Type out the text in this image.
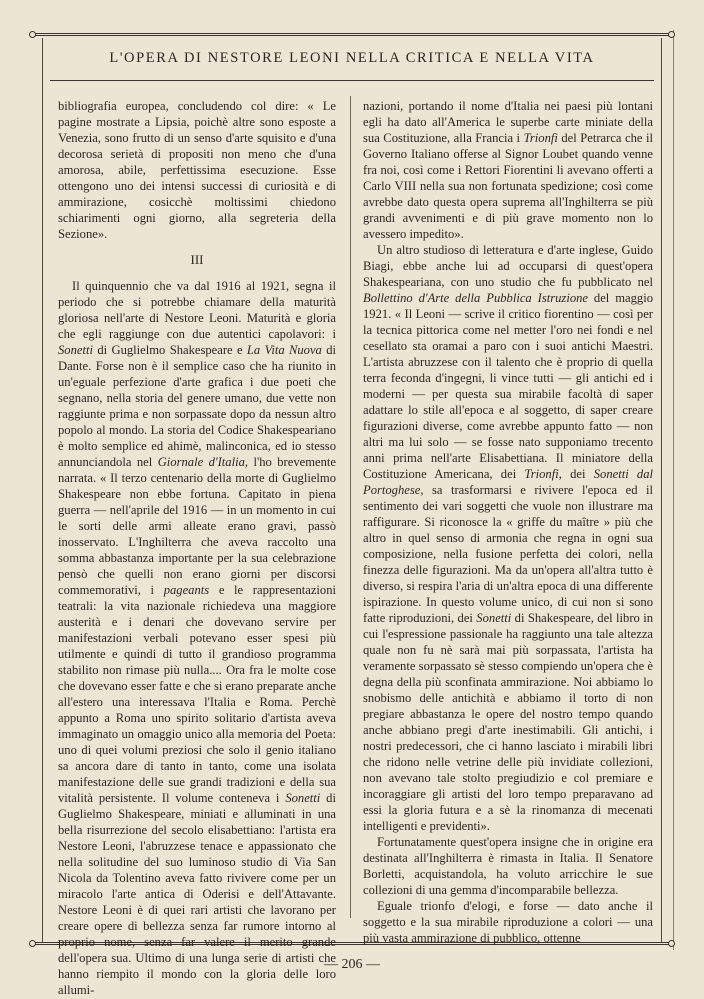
L'OPERA DI NESTORE LEONI NELLA CRITICA E NELLA VITA

bibliografia europea, concludendo col dire: « Le pagine mostrate a Lipsia, poichè altre sono esposte a Venezia, sono frutto di un senso d'arte squisito e d'una decorosa serietà di propositi non meno che d'una amorosa, abile, perfettissima esecuzione. Esse ottengono uno dei intensi successi di curiosità e di ammirazione, cosicchè moltissimi chiedono schiarimenti ogni giorno, alla segreteria della Sezione».

III

Il quinquennio che va dal 1916 al 1921, segna il periodo che si potrebbe chiamare della maturità gloriosa nell'arte di Nestore Leoni. Maturità e gloria che egli raggiunge con due autentici capolavori: i Sonetti di Guglielmo Shakespeare e La Vita Nuova di Dante. Forse non è il semplice caso che ha riunito in un'eguale perfezione d'arte grafica i due poeti che segnano, nella storia del genere umano, due vette non raggiunte prima e non sorpassate dopo da nessun altro popolo al mondo. La storia del Codice Shakespeariano è molto semplice ed ahimè, malinconica, ed io stesso annunciandola nel Giornale d'Italia, l'ho brevemente narrata. « Il terzo centenario della morte di Guglielmo Shakespeare non ebbe fortuna. Capitato in piena guerra — nell'aprile del 1916 — in un momento in cui le sorti delle armi alleate erano gravi, passò inosservato. L'Inghilterra che aveva raccolto una somma abbastanza importante per la sua celebrazione pensò che quelli non erano giorni per discorsi commemorativi, i pageants e le rappresentazioni teatrali: la vita nazionale richiedeva una maggiore austerità e i denari che dovevano servire per manifestazioni verbali potevano esser spesi più utilmente e quindi di tutto il grandioso programma stabilito non rimase più nulla.... Ora fra le molte cose che dovevano esser fatte e che si erano preparate anche all'estero una interessava l'Italia e Roma. Perchè appunto a Roma uno spirito solitario d'artista aveva immaginato un omaggio unico alla memoria del Poeta: uno di quei volumi preziosi che solo il genio italiano sa ancora dare di tanto in tanto, come una isolata manifestazione delle sue grandi tradizioni e della sua vitalità persistente. Il volume conteneva i Sonetti di Guglielmo Shakespeare, miniati e alluminati in una bella risurrezione del secolo elisabettiano: l'artista era Nestore Leoni, l'abruzzese tenace e appassionato che nella solitudine del suo luminoso studio di Via San Nicola da Tolentino aveva fatto rivivere come per un miracolo l'arte antica di Oderisi e dell'Attavante. Nestore Leoni è di quei rari artisti che lavorano per creare opere di bellezza senza far rumore intorno al proprio nome, senza far valere il merito grande dell'opera sua. Ultimo di una lunga serie di artisti che hanno riempito il mondo con la gloria delle loro allumi-

nazioni, portando il nome d'Italia nei paesi più lontani egli ha dato all'America le superbe carte miniate della sua Costituzione, alla Francia i Trionfi del Petrarca che il Governo Italiano offerse al Signor Loubet quando venne fra noi, così come i Rettori Fiorentini li avevano offerti a Carlo VIII nella sua non fortunata spedizione; così come avrebbe dato questa opera suprema all'Inghilterra se più grandi avvenimenti e di più grave momento non lo avessero impedito».

Un altro studioso di letteratura e d'arte inglese, Guido Biagi, ebbe anche lui ad occuparsi di quest'opera Shakespeariana, con uno studio che fu pubblicato nel Bollettino d'Arte della Pubblica Istruzione del maggio 1921. « Il Leoni — scrive il critico fiorentino — così per la tecnica pittorica come nel metter l'oro nei fondi e nel cesellato sta oramai a paro con i suoi antichi Maestri. L'artista abruzzese con il talento che è proprio di quella terra feconda d'ingegni, li vince tutti — gli antichi ed i moderni — per questa sua mirabile facoltà di saper adattare lo stile all'epoca e al soggetto, di saper creare figurazioni diverse, come avrebbe appunto fatto — non altri ma lui solo — se fosse nato supponiamo trecento anni prima nell'arte Elisabettiana. Il miniatore della Costituzione Americana, dei Trionfi, dei Sonetti dal Portoghese, sa trasformarsi e rivivere l'epoca ed il sentimento dei vari soggetti che vuole non illustrare ma raffigurare. Si riconosce la « griffe du maître » più che altro in quel senso di armonia che regna in ogni sua composizione, nella fusione perfetta dei colori, nella finezza delle figurazioni. Ma da un'opera all'altra tutto è diverso, si respira l'aria di un'altra epoca di una differente ispirazione. In questo volume unico, di cui non si sono fatte riproduzioni, dei Sonetti di Shakespeare, del libro in cui l'espressione passionale ha raggiunto una tale altezza quale non fu nè sarà mai più sorpassata, l'artista ha veramente sorpassato sè stesso compiendo un'opera che è degna della più sconfinata ammirazione. Noi abbiamo lo snobismo delle antichità e abbiamo il torto di non pregiare abbastanza le opere del nostro tempo quando anche abbiano pregi d'arte inestimabili. Gli antichi, i nostri predecessori, che ci hanno lasciato i mirabili libri che ridono nelle vetrine delle più invidiate collezioni, non avevano tale stolto pregiudizio e col premiare e incoraggiare gli artisti del loro tempo preparavano ad essi la gloria futura e a sè la rinomanza di mecenati intelligenti e previdenti».

Fortunatamente quest'opera insigne che in origine era destinata all'Inghilterra è rimasta in Italia. Il Senatore Borletti, acquistandola, ha voluto arricchire le sue collezioni di una gemma d'incomparabile bellezza.

Eguale trionfo d'elogi, e forse — dato anche il soggetto e la sua mirabile riproduzione a colori — una più vasta ammirazione di pubblico, ottenne

— 206 —
